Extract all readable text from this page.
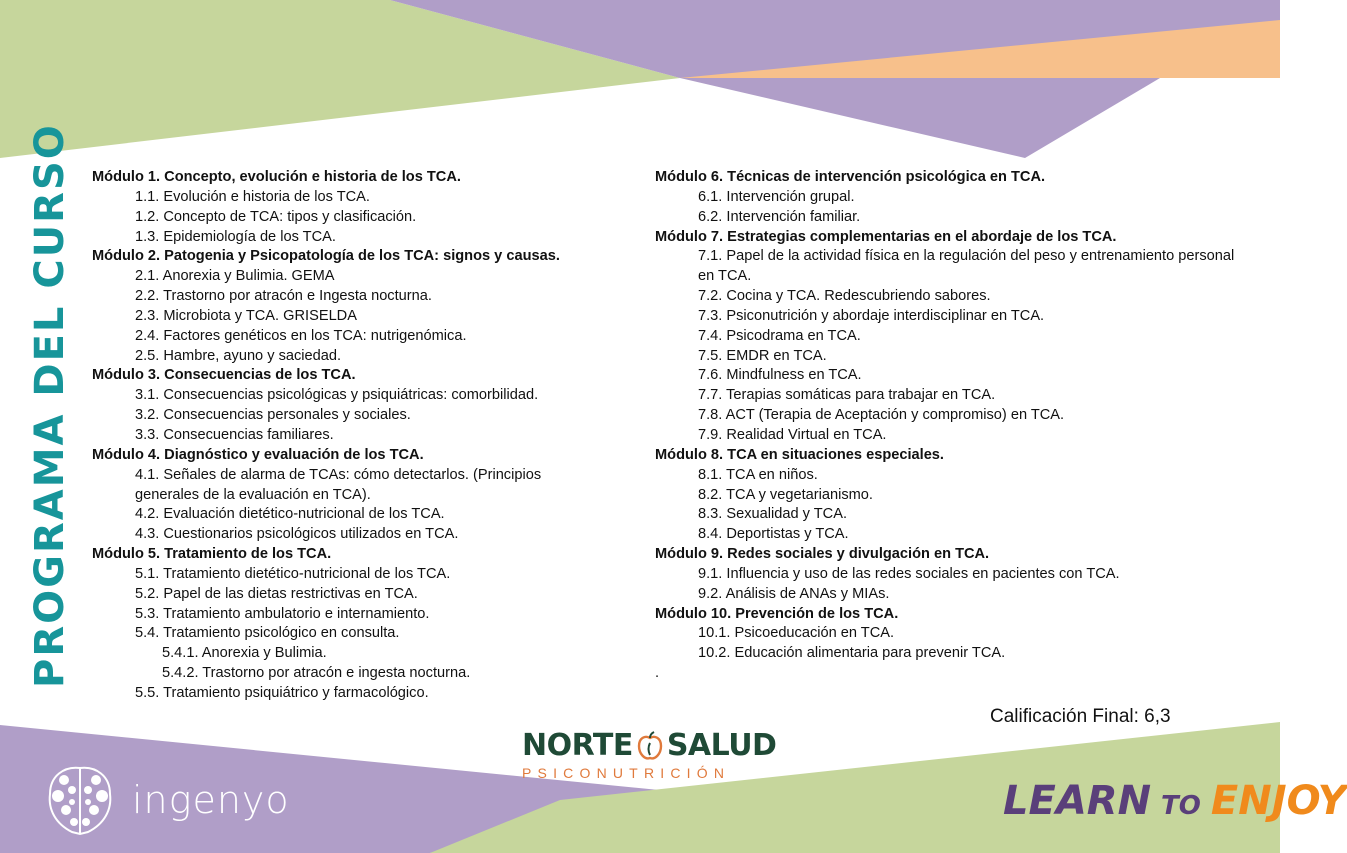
PROGRAMA DEL CURSO Módulo 1. Concepto, evolución e historia de los TCA.
1.1. Evolución e historia de los TCA.
1.2. Concepto de TCA: tipos y clasificación.
1.3. Epidemiología de los TCA.
Módulo 2. Patogenia y Psicopatología de los TCA: signos y causas.
2.1. Anorexia y Bulimia. GEMA
2.2. Trastorno por atracón e Ingesta nocturna.
2.3. Microbiota y TCA. GRISELDA
2.4. Factores genéticos en los TCA: nutrigenómica.
2.5. Hambre, ayuno y saciedad.
Módulo 3. Consecuencias de los TCA.
3.1. Consecuencias psicológicas y psiquiátricas: comorbilidad.
3.2. Consecuencias personales y sociales.
3.3. Consecuencias familiares.
Módulo 4. Diagnóstico y evaluación de los TCA.
4.1. Señales de alarma de TCAs: cómo detectarlos. (Principios
generales de la evaluación en TCA).
4.2. Evaluación dietético-nutricional de los TCA.
4.3. Cuestionarios psicológicos utilizados en TCA.
Módulo 5. Tratamiento de los TCA.
5.1. Tratamiento dietético-nutricional de los TCA.
5.2. Papel de las dietas restrictivas en TCA.
5.3. Tratamiento ambulatorio e internamiento.
5.4. Tratamiento psicológico en consulta.
5.4.1. Anorexia y Bulimia.
5.4.2. Trastorno por atracón e ingesta nocturna.
5.5. Tratamiento psiquiátrico y farmacológico.
Módulo 6. Técnicas de intervención psicológica en TCA.
6.1. Intervención grupal.
6.2. Intervención familiar.
Módulo 7. Estrategias complementarias en el abordaje de los TCA.
7.1. Papel de la actividad física en la regulación del peso y entrenamiento personal
en TCA.
7.2. Cocina y TCA. Redescubriendo sabores.
7.3. Psiconutrición y abordaje interdisciplinar en TCA.
7.4. Psicodrama en TCA.
7.5. EMDR en TCA.
7.6. Mindfulness en TCA.
7.7. Terapias somáticas para trabajar en TCA.
7.8. ACT (Terapia de Aceptación y compromiso) en TCA.
7.9. Realidad Virtual en TCA.
Módulo 8. TCA en situaciones especiales.
8.1. TCA en niños.
8.2. TCA y vegetarianismo.
8.3. Sexualidad y TCA.
8.4. Deportistas y TCA.
Módulo 9. Redes sociales y divulgación en TCA.
9.1. Influencia y uso de las redes sociales en pacientes con TCA.
9.2. Análisis de ANAs y MIAs.
Módulo 10. Prevención de los TCA.
10.1. Psicoeducación en TCA.
10.2. Educación alimentaria para prevenir TCA.
.
Calificación Final: 6,3
NORTE SALUD
PSICONUTRICIÓN
ingenyo	LEARN TO ENJOY
